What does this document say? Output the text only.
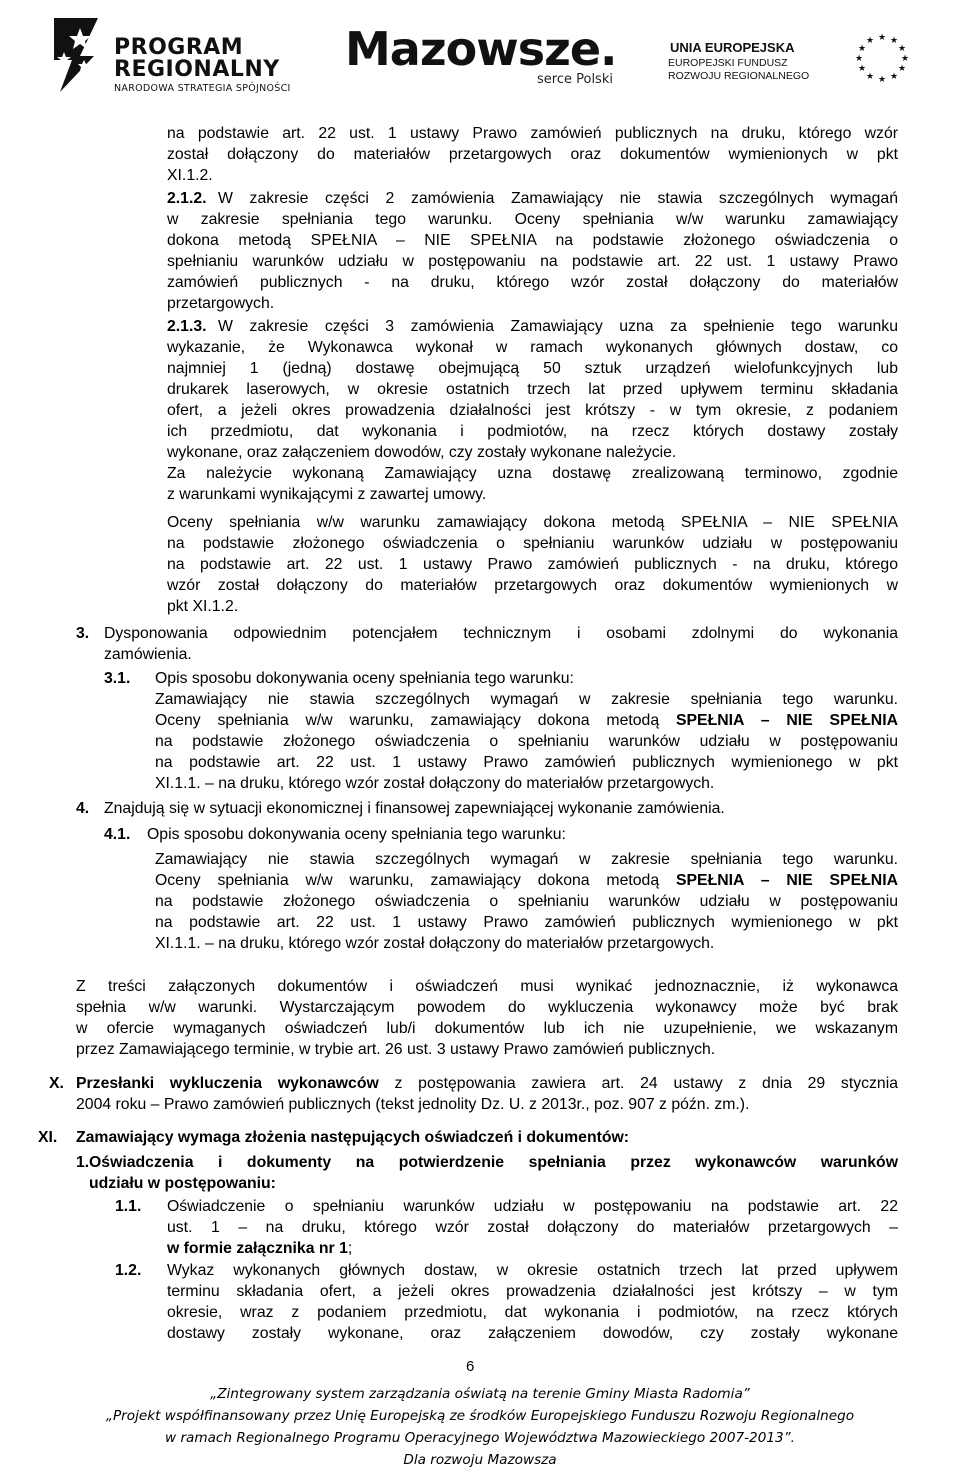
PROGRAM
REGIONALNY
NARODOWA STRATEGIA SPÓJNOŚCI
Mazowsze.
serce Polski
UNIA EUROPEJSKA
EUROPEJSKI FUNDUSZ
ROZWOJU REGIONALNEGO
★ ★
★
★
★
★
★
★
★
★
★
★

na podstawie art. 22 ust. 1 ustawy Prawo zamówień publicznych na druku, którego wzór

został dołączony do materiałów przetargowych oraz dokumentów wymienionych w pkt

XI.1.2.

2.1.2. W zakresie części 2 zamówienia Zamawiający nie stawia szczególnych wymagań

w zakresie spełniania tego warunku. Oceny spełniania w/w warunku zamawiający

dokona metodą SPEŁNIA – NIE SPEŁNIA na podstawie złożonego oświadczenia o

spełnianiu warunków udziału w postępowaniu na podstawie art. 22 ust. 1 ustawy Prawo

zamówień publicznych - na druku, którego wzór został dołączony do materiałów

przetargowych.

2.1.3. W zakresie części 3 zamówienia Zamawiający uzna za spełnienie tego warunku

wykazanie, że Wykonawca wykonał w ramach wykonanych głównych dostaw, co

najmniej 1 (jedną) dostawę obejmującą 50 sztuk urządzeń wielofunkcyjnych lub

drukarek laserowych, w okresie ostatnich trzech lat przed upływem terminu składania

ofert, a jeżeli okres prowadzenia działalności jest krótszy - w tym okresie, z podaniem

ich przedmiotu, dat wykonania i podmiotów, na rzecz których dostawy zostały

wykonane, oraz załączeniem dowodów, czy zostały wykonane należycie.

Za należycie wykonaną Zamawiający uzna dostawę zrealizowaną terminowo, zgodnie

z warunkami wynikającymi z zawartej umowy.

Oceny spełniania w/w warunku zamawiający dokona metodą SPEŁNIA – NIE SPEŁNIA

na podstawie złożonego oświadczenia o spełnianiu warunków udziału w postępowaniu

na podstawie art. 22 ust. 1 ustawy Prawo zamówień publicznych - na druku, którego

wzór został dołączony do materiałów przetargowych oraz dokumentów wymienionych w

pkt XI.1.2.

3. Dysponowania odpowiednim potencjałem technicznym i osobami zdolnymi do wykonania

zamówienia.

3.1. Opis sposobu dokonywania oceny spełniania tego warunku:

Zamawiający nie stawia szczególnych wymagań w zakresie spełniania tego warunku.

Oceny spełniania w/w warunku, zamawiający dokona metodą SPEŁNIA – NIE SPEŁNIA

na podstawie złożonego oświadczenia o spełnianiu warunków udziału w postępowaniu

na podstawie art. 22 ust. 1 ustawy Prawo zamówień publicznych wymienionego w pkt

XI.1.1. – na druku, którego wzór został dołączony do materiałów przetargowych.

4. Znajdują się w sytuacji ekonomicznej i finansowej zapewniającej wykonanie zamówienia.

4.1. Opis sposobu dokonywania oceny spełniania tego warunku:

Zamawiający nie stawia szczególnych wymagań w zakresie spełniania tego warunku.

Oceny spełniania w/w warunku, zamawiający dokona metodą SPEŁNIA – NIE SPEŁNIA

na podstawie złożonego oświadczenia o spełnianiu warunków udziału w postępowaniu

na podstawie art. 22 ust. 1 ustawy Prawo zamówień publicznych wymienionego w pkt

XI.1.1. – na druku, którego wzór został dołączony do materiałów przetargowych.

Z treści załączonych dokumentów i oświadczeń musi wynikać jednoznacznie, iż wykonawca

spełnia w/w warunki. Wystarczającym powodem do wykluczenia wykonawcy może być brak

w ofercie wymaganych oświadczeń lub/i dokumentów lub ich nie uzupełnienie, we wskazanym

przez Zamawiającego terminie, w trybie art. 26 ust. 3 ustawy Prawo zamówień publicznych.

X. Przesłanki wykluczenia wykonawców z postępowania zawiera art. 24 ustawy z dnia 29 stycznia

2004 roku – Prawo zamówień publicznych (tekst jednolity Dz. U. z 2013r., poz. 907 z późn. zm.).

XI. Zamawiający wymaga złożenia następujących oświadczeń i dokumentów:

1. Oświadczenia i dokumenty na potwierdzenie spełniania przez wykonawców warunków

udziału w postępowaniu:

1.1. Oświadczenie o spełnianiu warunków udziału w postępowaniu na podstawie art. 22

ust. 1 – na druku, którego wzór został dołączony do materiałów przetargowych –

w formie załącznika nr 1;

1.2. Wykaz wykonanych głównych dostaw, w okresie ostatnich trzech lat przed upływem

terminu składania ofert, a jeżeli okres prowadzenia działalności jest krótszy – w tym

okresie, wraz z podaniem przedmiotu, dat wykonania i podmiotów, na rzecz których

dostawy zostały wykonane, oraz załączeniem dowodów, czy zostały wykonane

6
„Zintegrowany system zarządzania oświatą na terenie Gminy Miasta Radomia”
„Projekt współfinansowany przez Unię Europejską ze środków Europejskiego Funduszu Rozwoju Regionalnego
w ramach Regionalnego Programu Operacyjnego Województwa Mazowieckiego 2007-2013”.
Dla rozwoju Mazowsza
